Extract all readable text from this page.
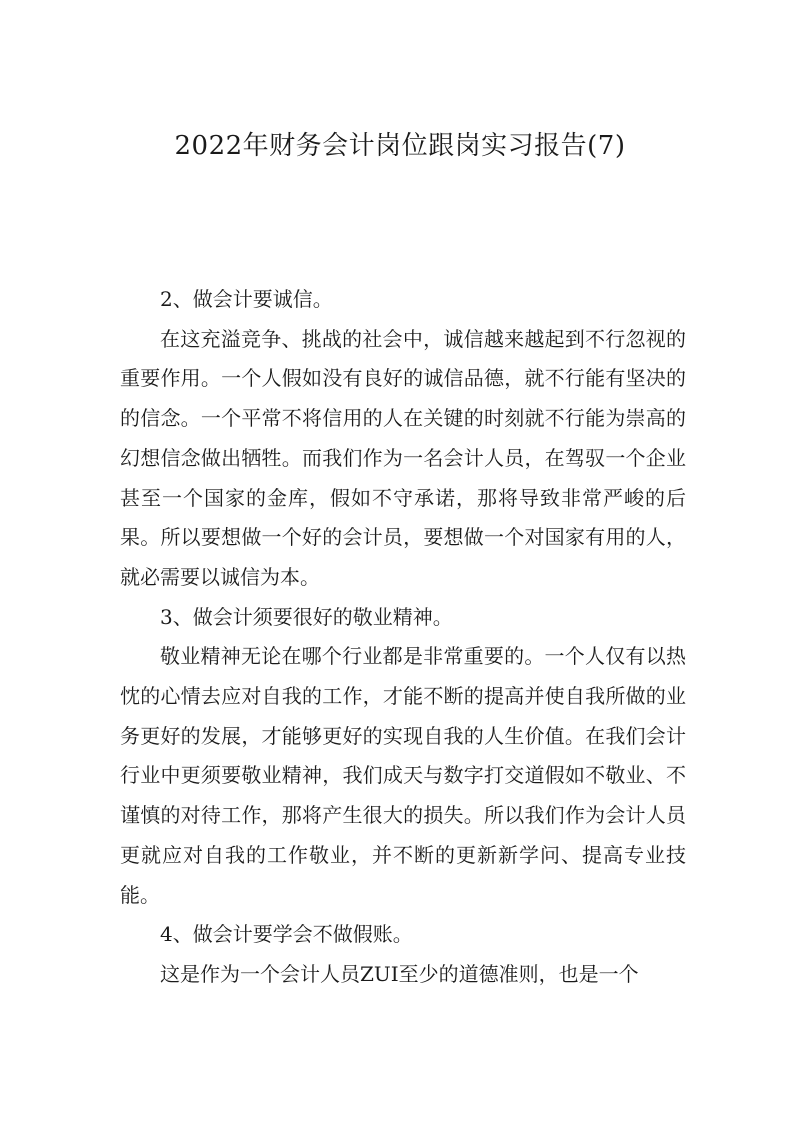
2022年财务会计岗位跟岗实习报告(7)

2、做会计要诚信。

在这充溢竞争、挑战的社会中，诚信越来越起到不行忽视的重要作用。一个人假如没有良好的诚信品德，就不行能有坚决的的信念。一个平常不将信用的人在关键的时刻就不行能为崇高的幻想信念做出牺牲。而我们作为一名会计人员，在驾驭一个企业甚至一个国家的金库，假如不守承诺，那将导致非常严峻的后果。所以要想做一个好的会计员，要想做一个对国家有用的人，就必需要以诚信为本。

3、做会计须要很好的敬业精神。

敬业精神无论在哪个行业都是非常重要的。一个人仅有以热忱的心情去应对自我的工作，才能不断的提高并使自我所做的业务更好的发展，才能够更好的实现自我的人生价值。在我们会计行业中更须要敬业精神，我们成天与数字打交道假如不敬业、不谨慎的对待工作，那将产生很大的损失。所以我们作为会计人员更就应对自我的工作敬业，并不断的更新新学问、提高专业技能。

4、做会计要学会不做假账。

这是作为一个会计人员ZUI至少的道德准则，也是一个
